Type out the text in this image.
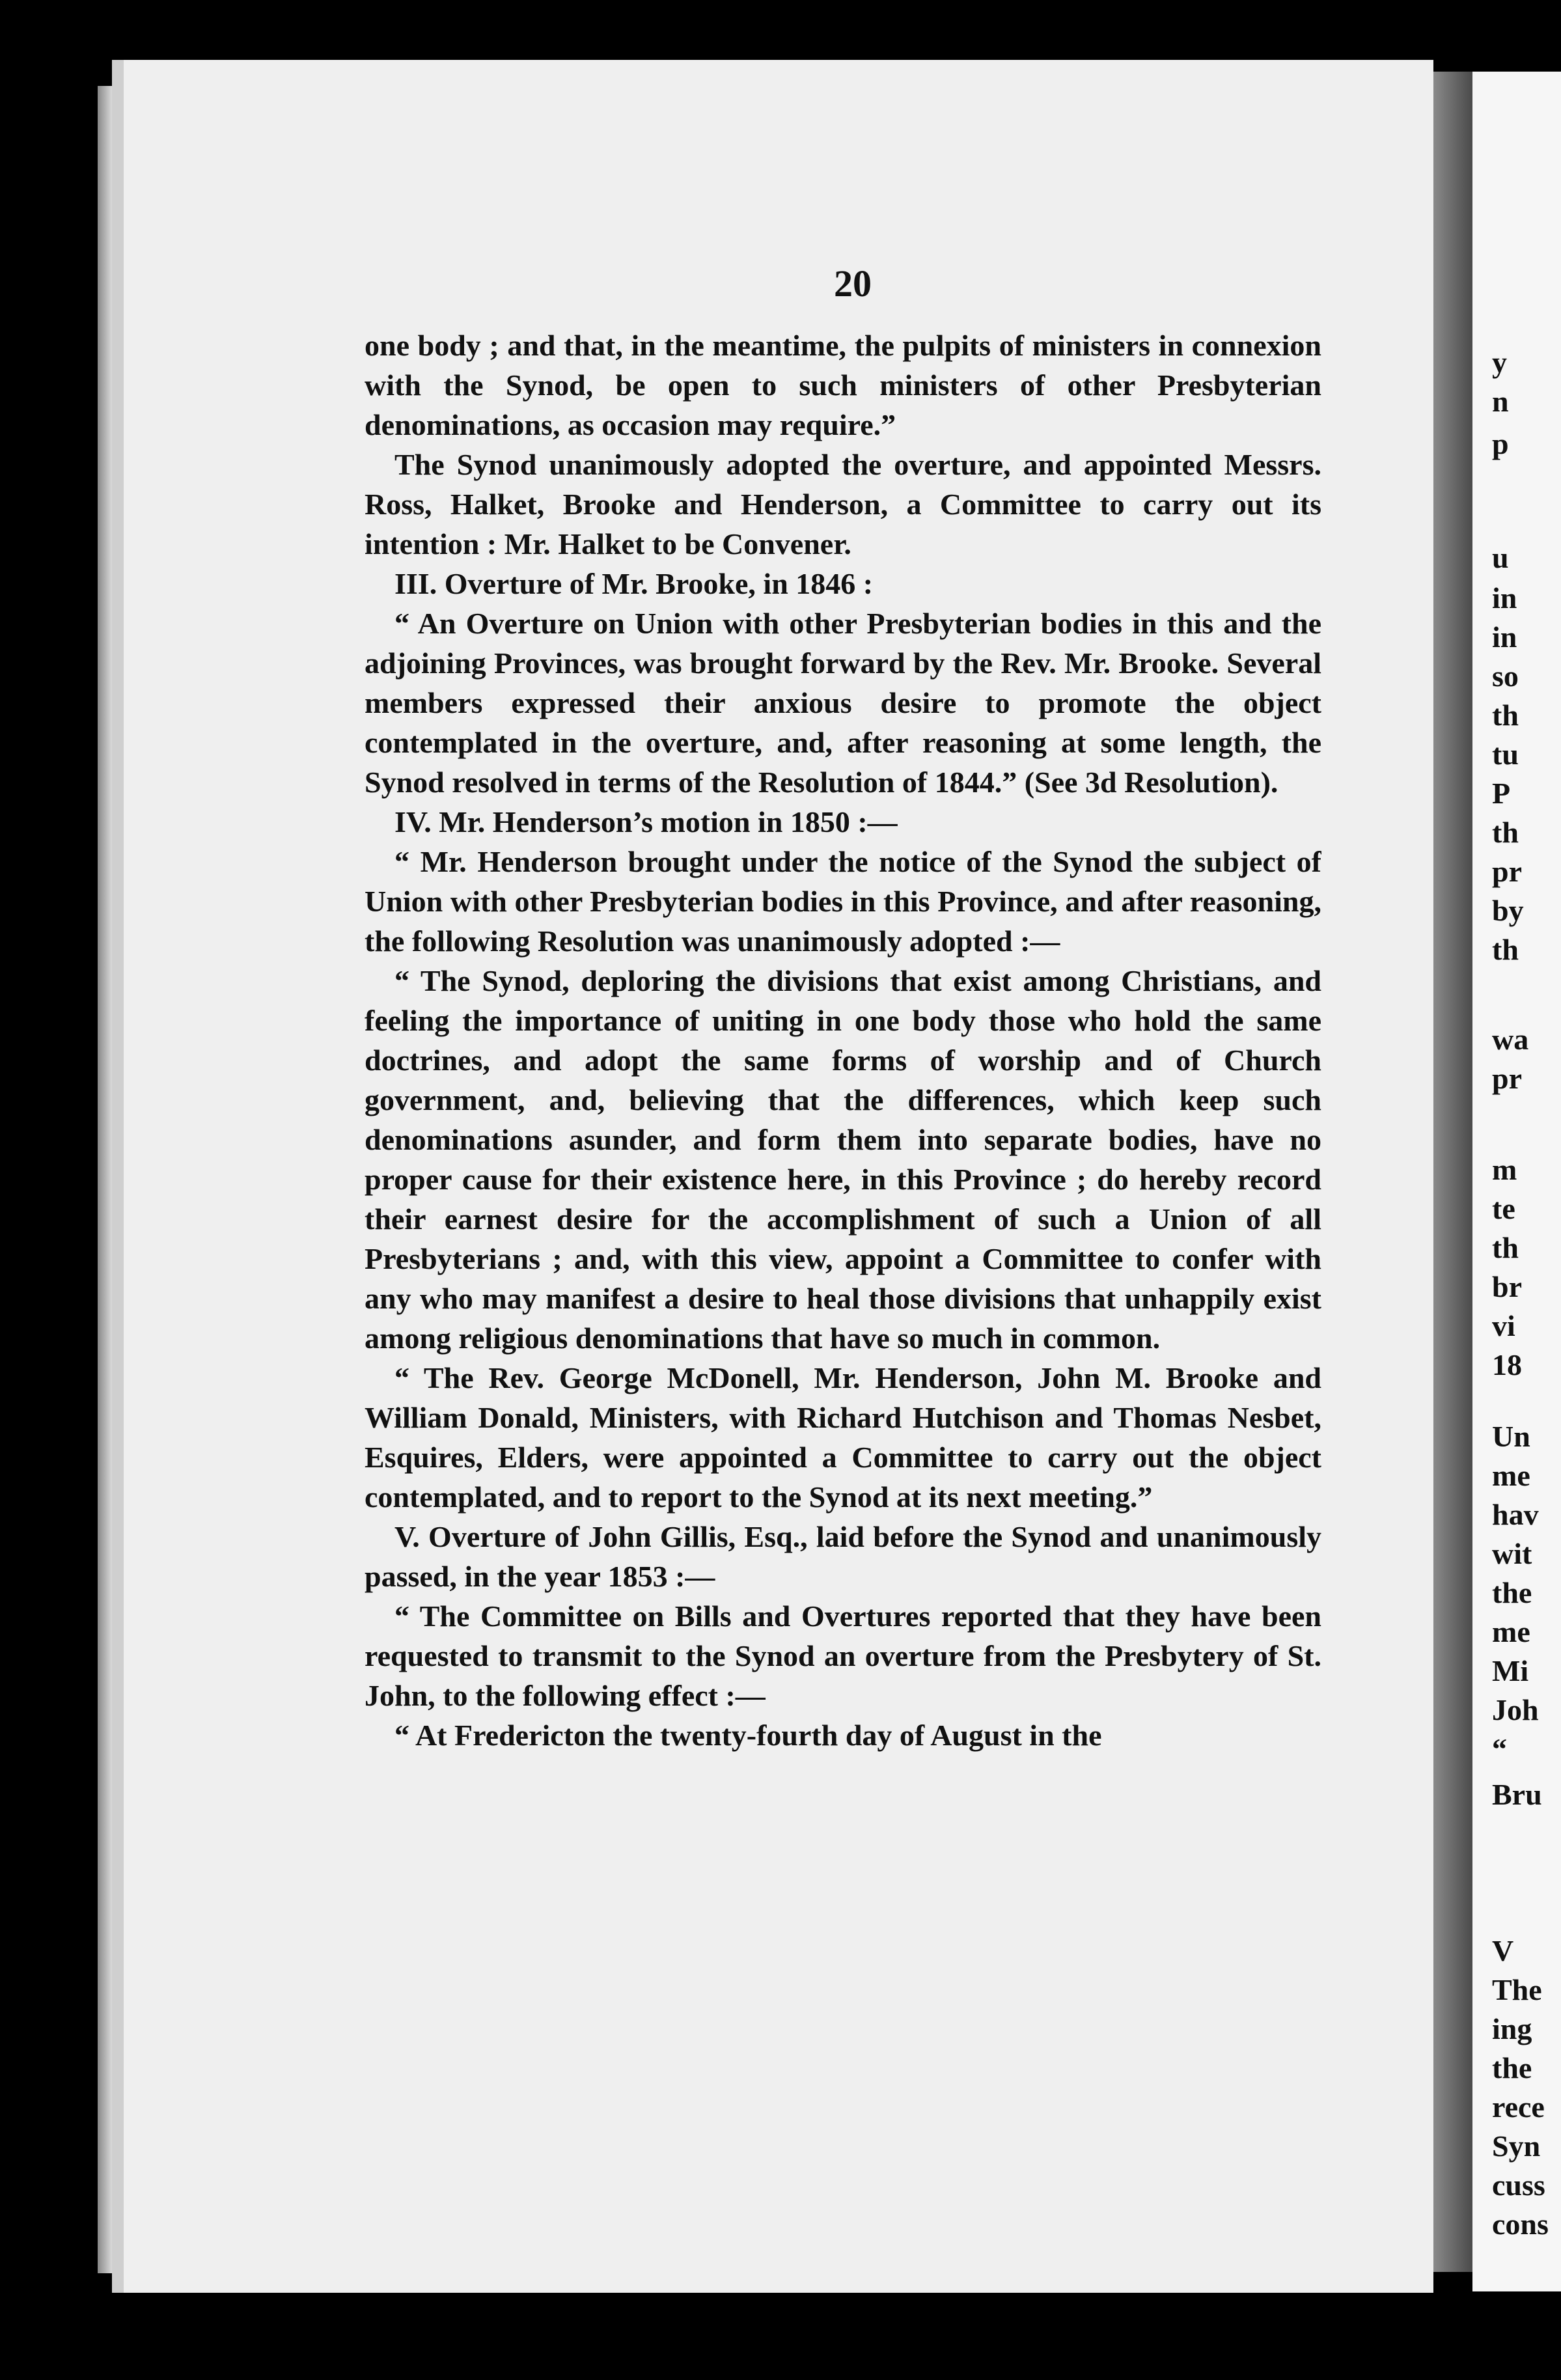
y
n
p
u
in
in
so
th
tu
P
th
pr
by
th
wa
pr
m
te
th
br
vi
18
Un
me
hav
wit
the
me
Mi
Joh
“
Bru
V
The
ing
the
rece
Syn
cuss
cons
20

one body ; and that, in the meantime, the pulpits of ministers in connexion with the Synod, be open to such ministers of other Presbyterian denominations, as occasion may require.”

The Synod unanimously adopted the overture, and appointed Messrs. Ross, Halket, Brooke and Henderson, a Committee to carry out its intention : Mr. Halket to be Convener.

III. Overture of Mr. Brooke, in 1846 :

“ An Overture on Union with other Presbyterian bodies in this and the adjoining Provinces, was brought forward by the Rev. Mr. Brooke. Several members expressed their anxious desire to promote the object contemplated in the overture, and, after reasoning at some length, the Synod resolved in terms of the Resolution of 1844.” (See 3d Resolution).

IV. Mr. Henderson’s motion in 1850 :—

“ Mr. Henderson brought under the notice of the Synod the subject of Union with other Presbyterian bodies in this Province, and after reasoning, the following Resolution was unanimously adopted :—

“ The Synod, deploring the divisions that exist among Christians, and feeling the importance of uniting in one body those who hold the same doctrines, and adopt the same forms of worship and of Church government, and, believing that the differences, which keep such denominations asunder, and form them into separate bodies, have no proper cause for their existence here, in this Province ; do hereby record their earnest desire for the accomplishment of such a Union of all Presbyterians ; and, with this view, appoint a Committee to confer with any who may manifest a desire to heal those divisions that unhappily exist among religious denominations that have so much in common.

“ The Rev. George McDonell, Mr. Henderson, John M. Brooke and William Donald, Ministers, with Richard Hutchison and Thomas Nesbet, Esquires, Elders, were appointed a Committee to carry out the object contemplated, and to report to the Synod at its next meeting.”

V. Overture of John Gillis, Esq., laid before the Synod and unanimously passed, in the year 1853 :—

“ The Committee on Bills and Overtures reported that they have been requested to transmit to the Synod an overture from the Presbytery of St. John, to the following effect :—

“ At Fredericton the twenty-fourth day of August in the
